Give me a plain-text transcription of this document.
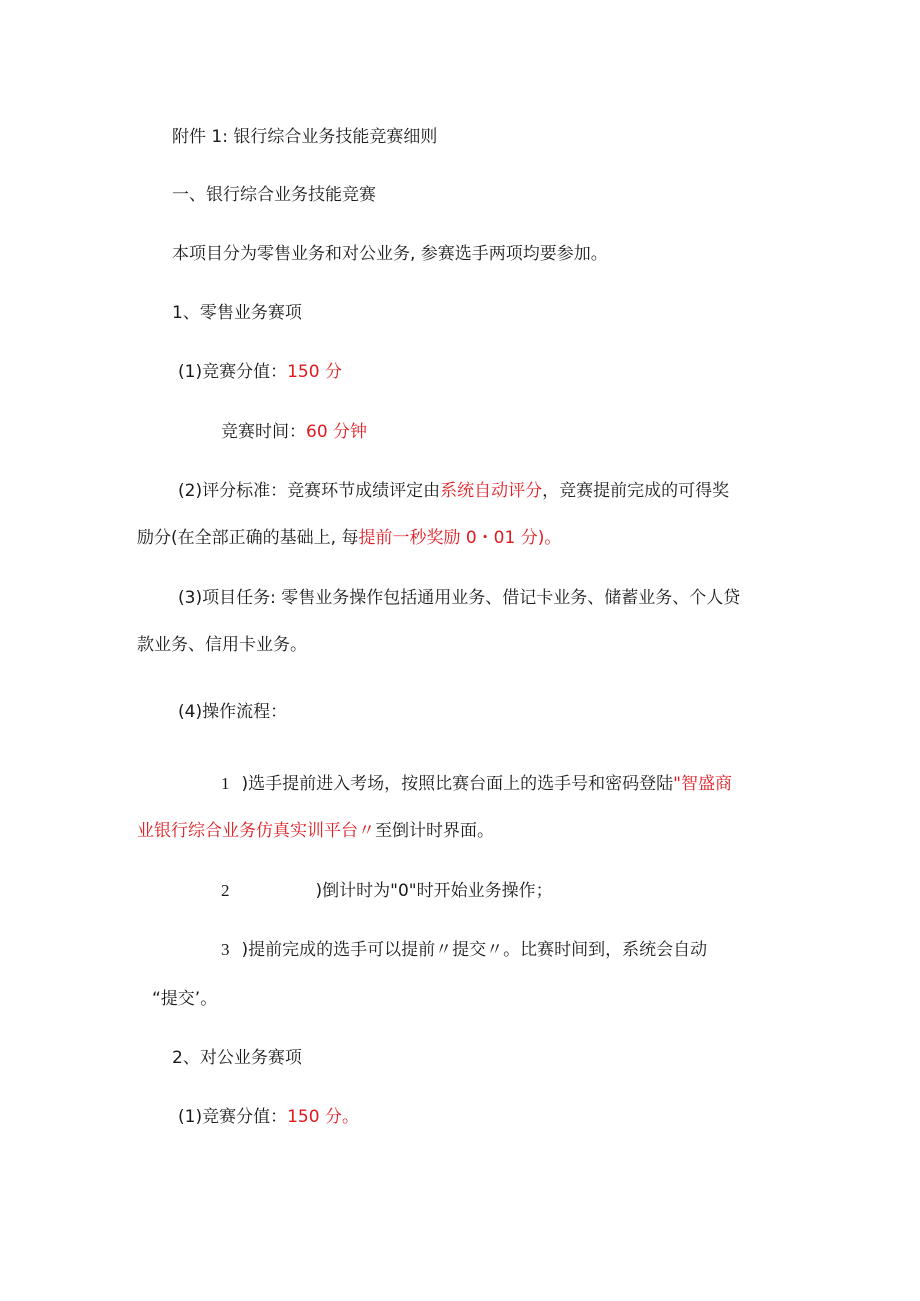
附件 1: 银行综合业务技能竞赛细则
一、银行综合业务技能竞赛
本项目分为零售业务和对公业务, 参赛选手两项均要参加。
1、零售业务赛项
(1)竞赛分值：150 分
竞赛时间：60 分钟
(2)评分标准：竞赛环节成绩评定由系统自动评分，竞赛提前完成的可得奖
励分(在全部正确的基础上, 每提前一秒奖励 0・01 分)。
(3)项目任务: 零售业务操作包括通用业务、借记卡业务、储蓄业务、个人贷
款业务、信用卡业务。
(4)操作流程：
1 )选手提前进入考场，按照比赛台面上的选手号和密码登陆"智盛商
业银行综合业务仿真实训平台〃至倒计时界面。
2	)倒计时为"0"时开始业务操作；
3 )提前完成的选手可以提前〃提交〃。比赛时间到，系统会自动
“提交’。
2、对公业务赛项
(1)竞赛分值：150 分。
